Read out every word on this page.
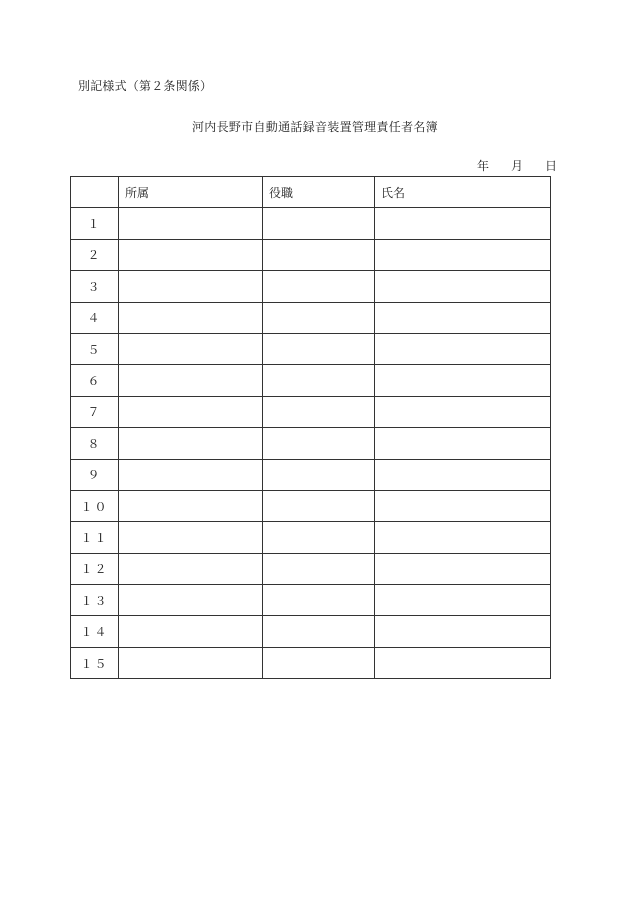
別記様式（第２条関係）
河内長野市自動通話録音装置管理責任者名簿
年 月 日
	所属	役職	氏名
１			
２			
３			
４			
５			
６			
７			
８			
９			
１０			
１１			
１２			
１３			
１４			
１５			
